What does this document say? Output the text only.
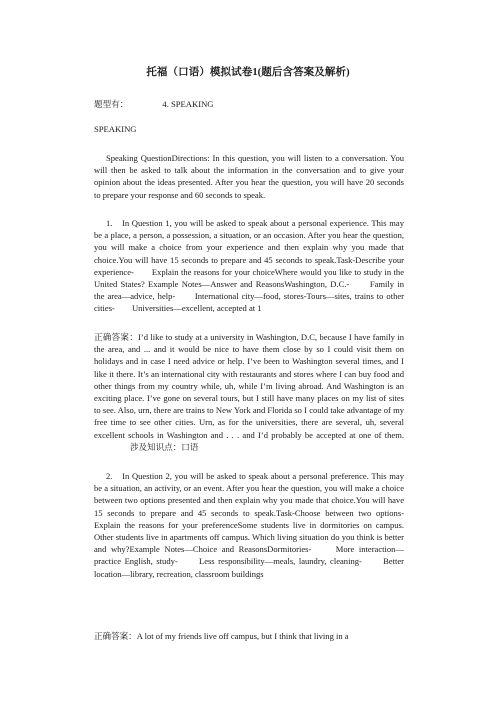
托福（口语）模拟试卷1(题后含答案及解析)
题型有：	4. SPEAKING
SPEAKING
Speaking QuestionDirections: In this question, you will listen to a conversation. You will then be asked to talk about the information in the conversation and to give your opinion about the ideas presented. After you hear the question, you will have 20 seconds to prepare your response and 60 seconds to speak.
1.　In Question 1, you will be asked to speak about a personal experience. This may be a place, a person, a possession, a situation, or an occasion. After you hear the question, you will make a choice from your experience and then explain why you made that choice.You will have 15 seconds to prepare and 45 seconds to speak.Task-Describe your experience-　　Explain the reasons for your choiceWhere would you like to study in the United States? Example Notes—Answer and ReasonsWashington, D.C.-　　Family in the area—advice, help-　　International city—food, stores-Tours—sites, trains to other cities-　　Universities—excellent, accepted at 1
正确答案：I’d like to study at a university in Washington, D.C, because I have family in the area, and ... and it would be nice to have them close by so I could visit them on holidays and in case I need advice or help. I’ve been to Washington several times, and I like it there. It’s an international city with restaurants and stores where I can buy food and other things from my country while, uh, while I’m living abroad. And Washington is an exciting place. I’ve gone on several tours, but I still have many places on my list of sites to see. Also, urn, there are trains to New York and Florida so I could take advantage of my free time to see other cities. Urn, as for the universities, there are several, uh, several excellent schools in Washington and . . . and I’d probably be accepted at one of them.涉及知识点：口语
2.　In Question 2, you will be asked to speak about a personal preference. This may be a situation, an activity, or an event. After you hear the question, you will make a choice between two options presented and then explain why you made that choice.You will have 15 seconds to prepare and 45 seconds to speak.Task-Choose between two options-　　Explain the reasons for your preferenceSome students live in dormitories on campus. Other students live in apartments off campus. Which living situation do you think is better and why?Example Notes—Choice and ReasonsDormitories-　　More interaction—practice English, study-　　Less responsibility—meals, laundry, cleaning-　　Better location—library, recreation, classroom buildings
正确答案：A lot of my friends live off campus, but I think that living in a
